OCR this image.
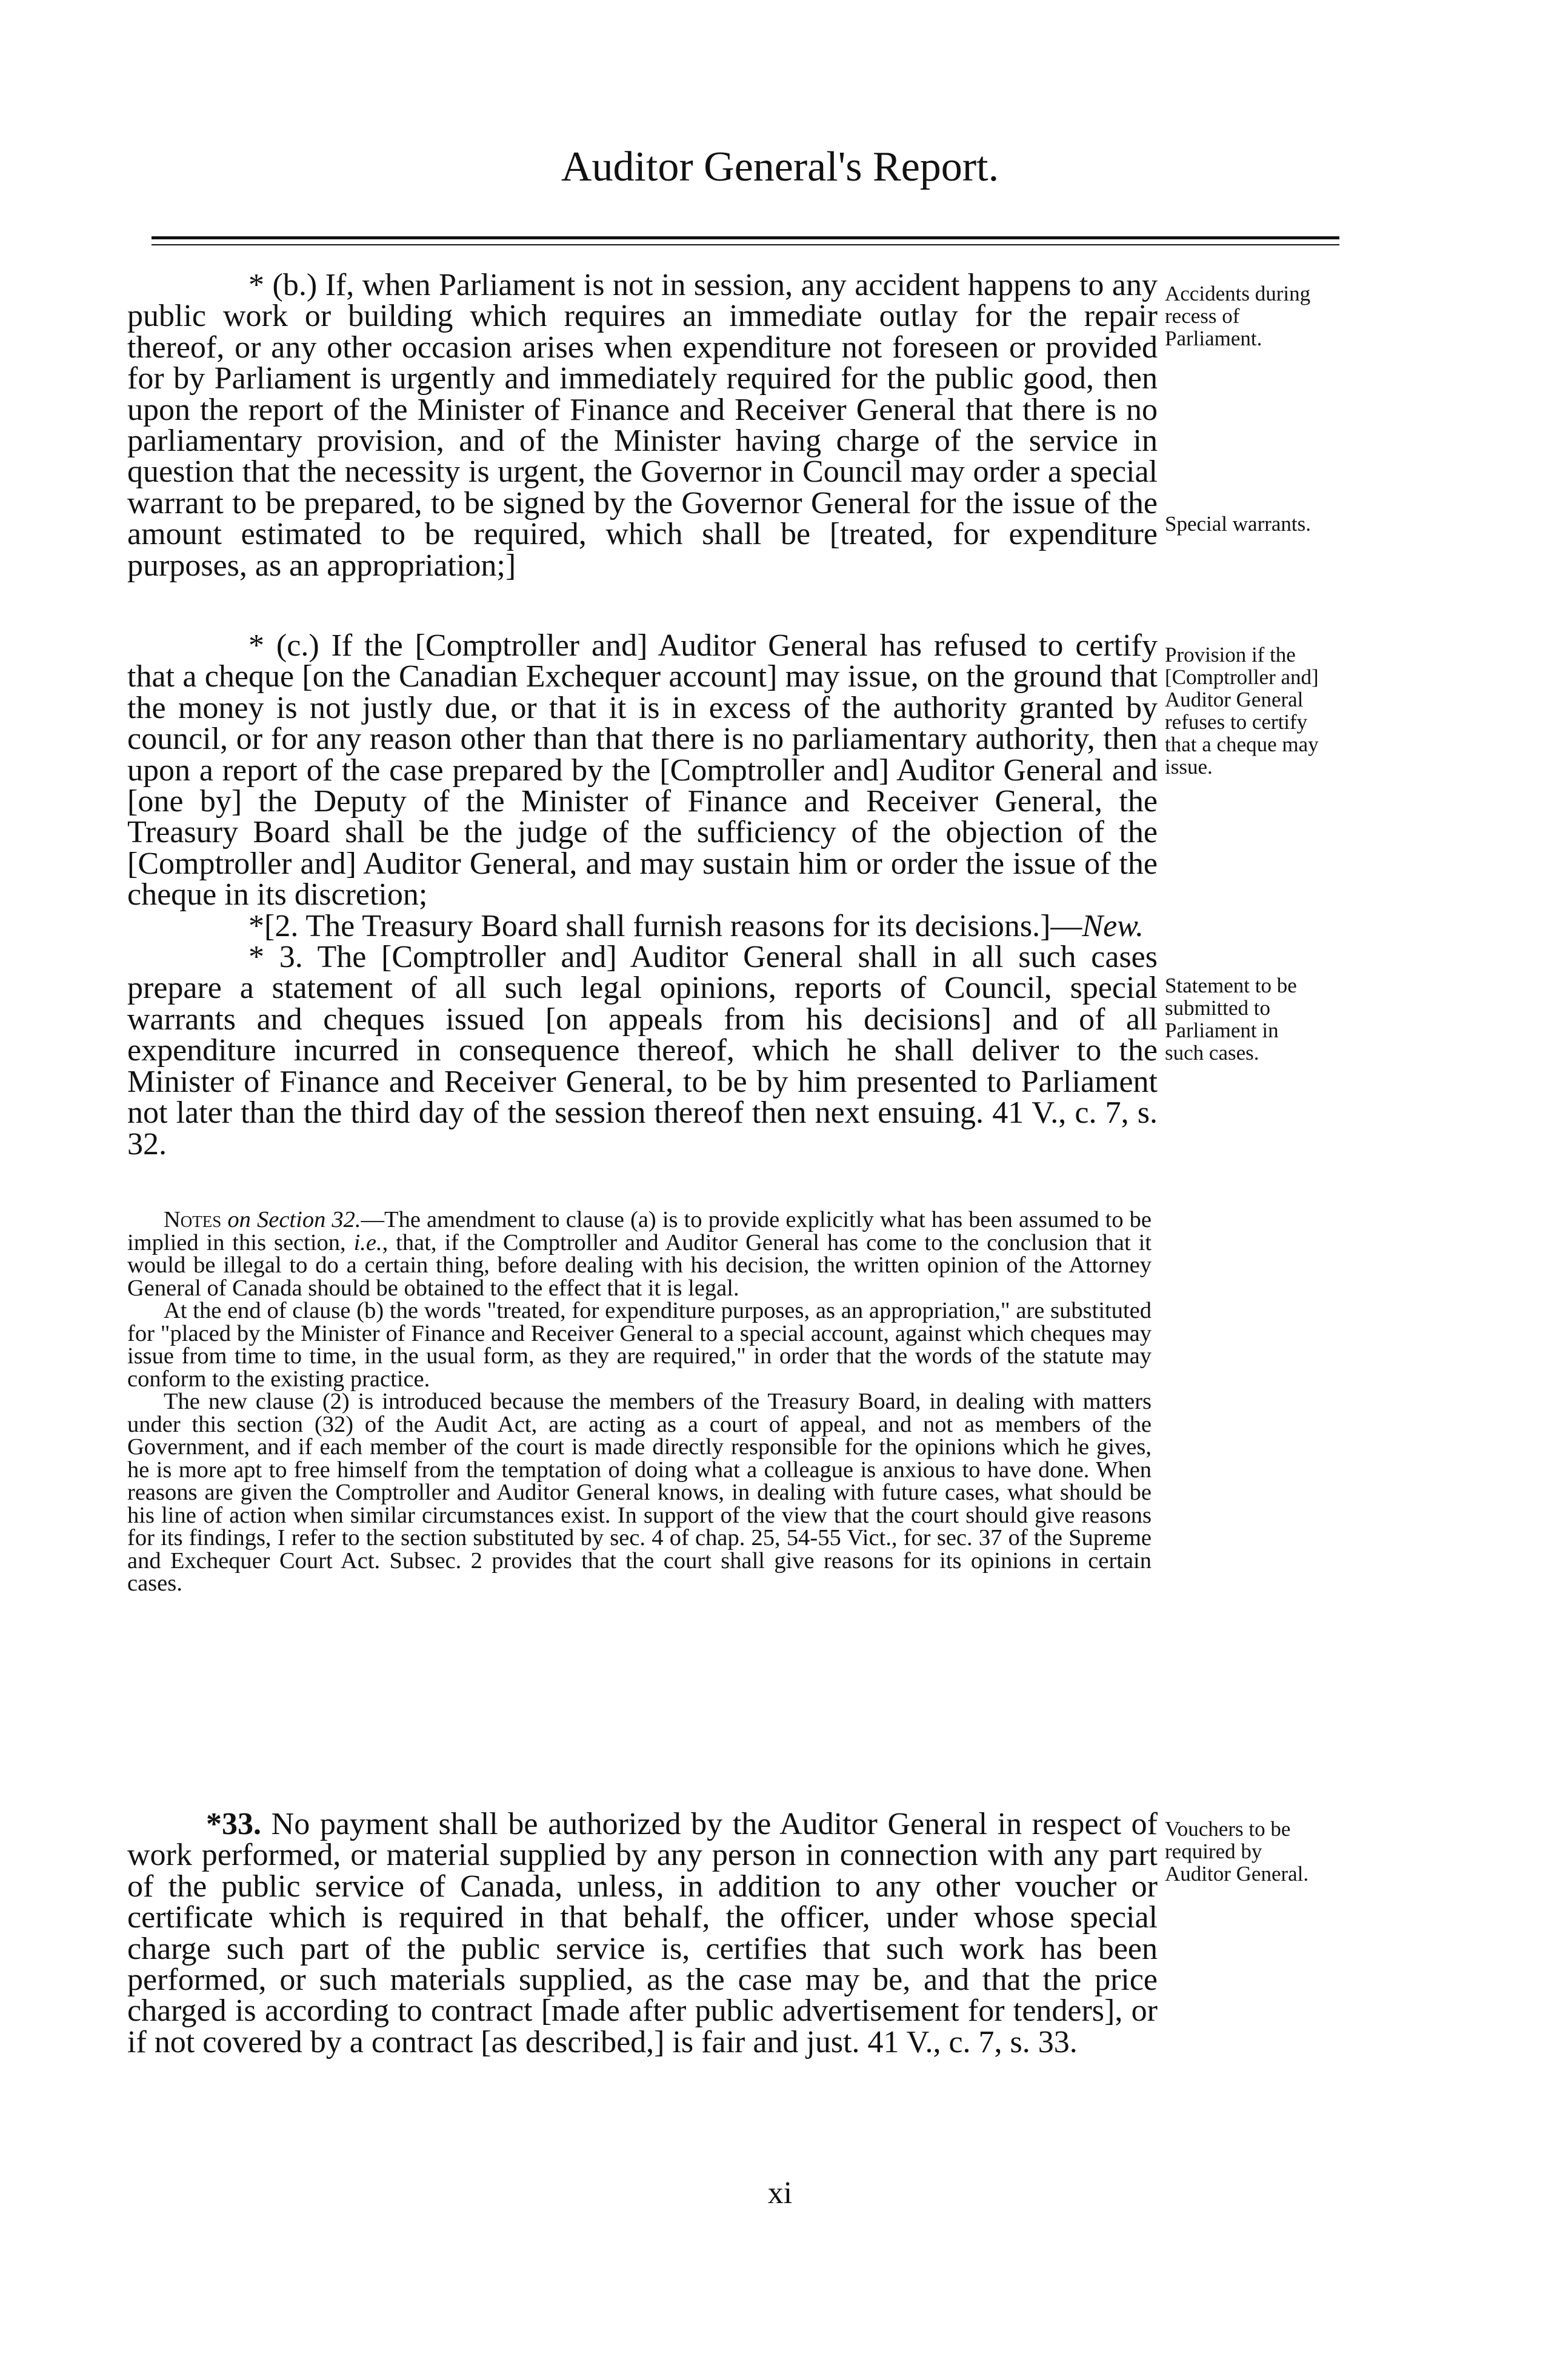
Auditor General's Report.

* (b.) If, when Parliament is not in session, any accident happens to any public work or building which requires an immediate outlay for the repair thereof, or any other occasion arises when expenditure not foreseen or provided for by Parliament is urgently and immediately required for the public good, then upon the report of the Minister of Finance and Receiver General that there is no parliamentary provision, and of the Minister having charge of the service in question that the necessity is urgent, the Governor in Council may order a special warrant to be prepared, to be signed by the Governor General for the issue of the amount estimated to be required, which shall be [treated, for expenditure purposes, as an appropriation;]

* (c.) If the [Comptroller and] Auditor General has refused to certify that a cheque [on the Canadian Exchequer account] may issue, on the ground that the money is not justly due, or that it is in excess of the authority granted by council, or for any reason other than that there is no parliamentary authority, then upon a report of the case prepared by the [Comptroller and] Auditor General and [one by] the Deputy of the Minister of Finance and Receiver General, the Treasury Board shall be the judge of the sufficiency of the objection of the [Comptroller and] Auditor General, and may sustain him or order the issue of the cheque in its discretion;

*[2. The Treasury Board shall furnish reasons for its decisions.]—New.

* 3. The [Comptroller and] Auditor General shall in all such cases prepare a statement of all such legal opinions, reports of Council, special warrants and cheques issued [on appeals from his decisions] and of all expenditure incurred in consequence thereof, which he shall deliver to the Minister of Finance and Receiver General, to be by him presented to Parliament not later than the third day of the session thereof then next ensuing. 41 V., c. 7, s. 32.

Notes on Section 32.—The amendment to clause (a) is to provide explicitly what has been assumed to be implied in this section, i.e., that, if the Comptroller and Auditor General has come to the conclusion that it would be illegal to do a certain thing, before dealing with his decision, the written opinion of the Attorney General of Canada should be obtained to the effect that it is legal.

At the end of clause (b) the words "treated, for expenditure purposes, as an appropriation," are substituted for "placed by the Minister of Finance and Receiver General to a special account, against which cheques may issue from time to time, in the usual form, as they are required," in order that the words of the statute may conform to the existing practice.

The new clause (2) is introduced because the members of the Treasury Board, in dealing with matters under this section (32) of the Audit Act, are acting as a court of appeal, and not as members of the Government, and if each member of the court is made directly responsible for the opinions which he gives, he is more apt to free himself from the temptation of doing what a colleague is anxious to have done. When reasons are given the Comptroller and Auditor General knows, in dealing with future cases, what should be his line of action when similar circumstances exist. In support of the view that the court should give reasons for its findings, I refer to the section substituted by sec. 4 of chap. 25, 54-55 Vict., for sec. 37 of the Supreme and Exchequer Court Act. Subsec. 2 provides that the court shall give reasons for its opinions in certain cases.

*33. No payment shall be authorized by the Auditor General in respect of work performed, or material supplied by any person in connection with any part of the public service of Canada, unless, in addition to any other voucher or certificate which is required in that behalf, the officer, under whose special charge such part of the public service is, certifies that such work has been performed, or such materials supplied, as the case may be, and that the price charged is according to contract [made after public advertisement for tenders], or if not covered by a contract [as described,] is fair and just. 41 V., c. 7, s. 33.

Accidents during recess of Parliament.
Special warrants.
Provision if the [Comptroller and] Auditor General refuses to certify that a cheque may issue.
Statement to be submitted to Parliament in such cases.
Vouchers to be required by Auditor General.
xi
